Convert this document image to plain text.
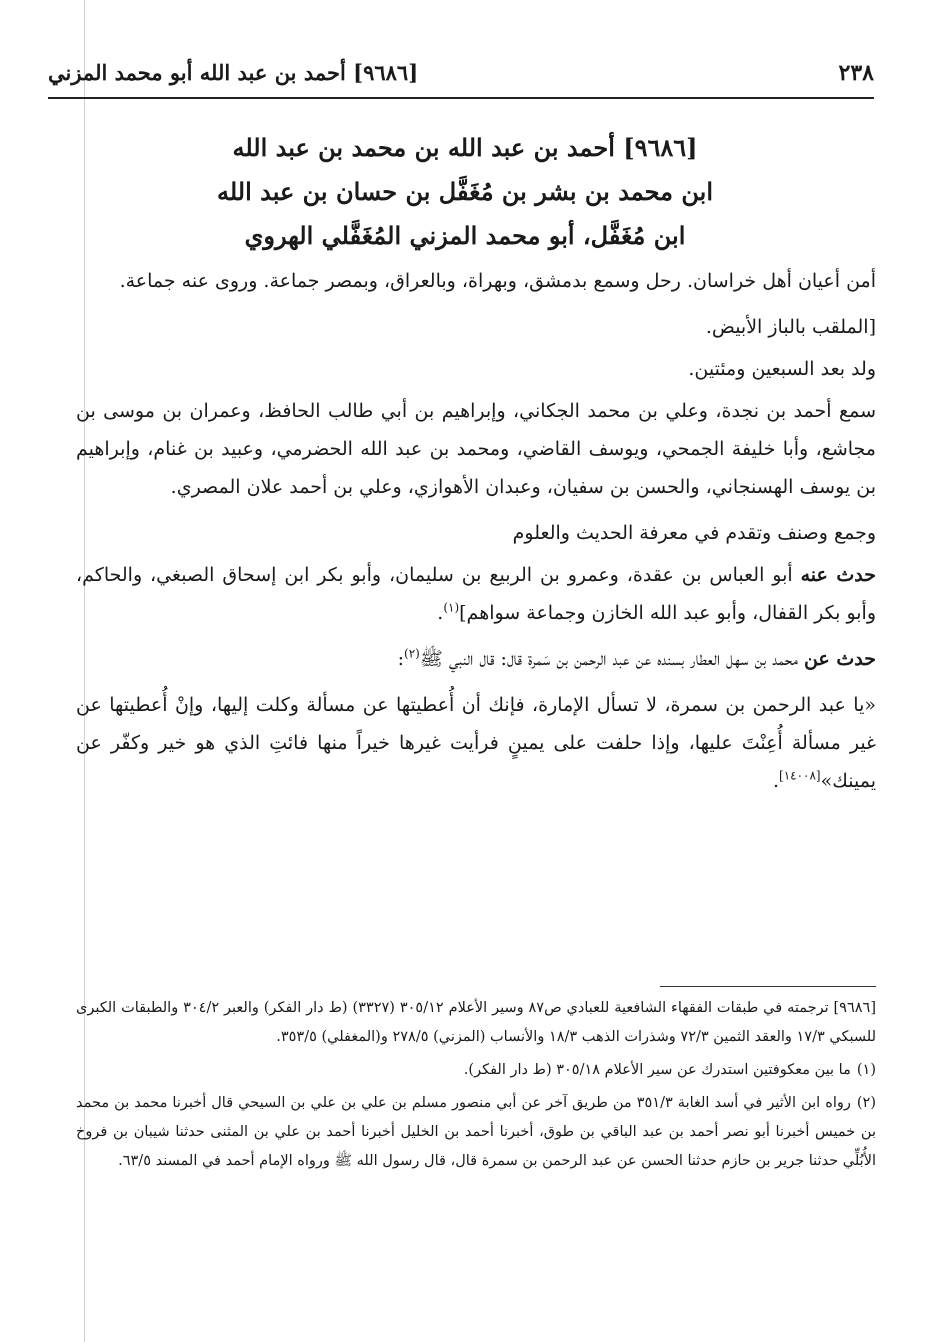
٢٣٨
[٩٦٨٦] أحمد بن عبد الله أبو محمد المزني
[٩٦٨٦] أحمد بن عبد الله بن محمد بن عبد الله
ابن محمد بن بشر بن مُغَفَّل بن حسان بن عبد الله
ابن مُغَفَّل، أبو محمد المزني المُغَفَّلي الهروي

أمن أعيان أهل خراسان. رحل وسمع بدمشق، وبهراة، وبالعراق، وبمصر جماعة. وروى عنه جماعة.

[الملقب بالباز الأبيض.

ولد بعد السبعين ومئتين.

سمع أحمد بن نجدة، وعلي بن محمد الجكاني، وإبراهيم بن أبي طالب الحافظ، وعمران بن موسى بن مجاشع، وأبا خليفة الجمحي، ويوسف القاضي، ومحمد بن عبد الله الحضرمي، وعبيد بن غنام، وإبراهيم بن يوسف الهسنجاني، والحسن بن سفيان، وعبدان الأهوازي، وعلي بن أحمد علان المصري.

وجمع وصنف وتقدم في معرفة الحديث والعلوم

حدث عنه أبو العباس بن عقدة، وعمرو بن الربيع بن سليمان، وأبو بكر ابن إسحاق الصبغي، والحاكم، وأبو بكر القفال، وأبو عبد الله الخازن وجماعة سواهم]$^{(١)}$.

حدث عن محمد بن سهل العطار بسنده عن عبد الرحمن بن سَمرة قال: قال النبي ﷺ$^{(٢)}$:

«يا عبد الرحمن بن سمرة، لا تسأل الإمارة، فإنك أن أُعطيتها عن مسألة وكلت إليها، وإنْ أُعطيتها عن غير مسألة أُعِنْتَ عليها، وإذا حلفت على يمينٍ فرأيت غيرها خيراً منها فائتِ الذي هو خير وكفّر عن يمينك»[١٤٠٠٨].

[٩٦٨٦] ترجمته في طبقات الفقهاء الشافعية للعبادي ص٨٧ وسير الأعلام ٣٠٥/١٢ (٣٣٢٧) (ط دار الفكر) والعبر ٣٠٤/٢ والطبقات الكبرى للسبكي ١٧/٣ والعقد الثمين ٧٢/٣ وشذرات الذهب ١٨/٣ والأنساب (المزني) ٢٧٨/٥ و(المغفلي) ٣٥٣/٥.

(١)ما بين معكوفتين استدرك عن سير الأعلام ٣٠٥/١٨ (ط دار الفكر).

(٢)رواه ابن الأثير في أسد الغابة ٣٥١/٣ من طريق آخر عن أبي منصور مسلم بن علي بن علي بن السيحي قال أخبرنا محمد بن محمد بن خميس أخبرنا أبو نصر أحمد بن عبد الباقي بن طوق، أخبرنا أحمد بن الخليل أخبرنا أحمد بن علي بن المثنى حدثنا شيبان بن فروخ الأُبُلِّي حدثنا جرير بن حازم حدثنا الحسن عن عبد الرحمن بن سمرة قال، قال رسول الله ﷺ ورواه الإمام أحمد في المسند ٦٣/٥.
